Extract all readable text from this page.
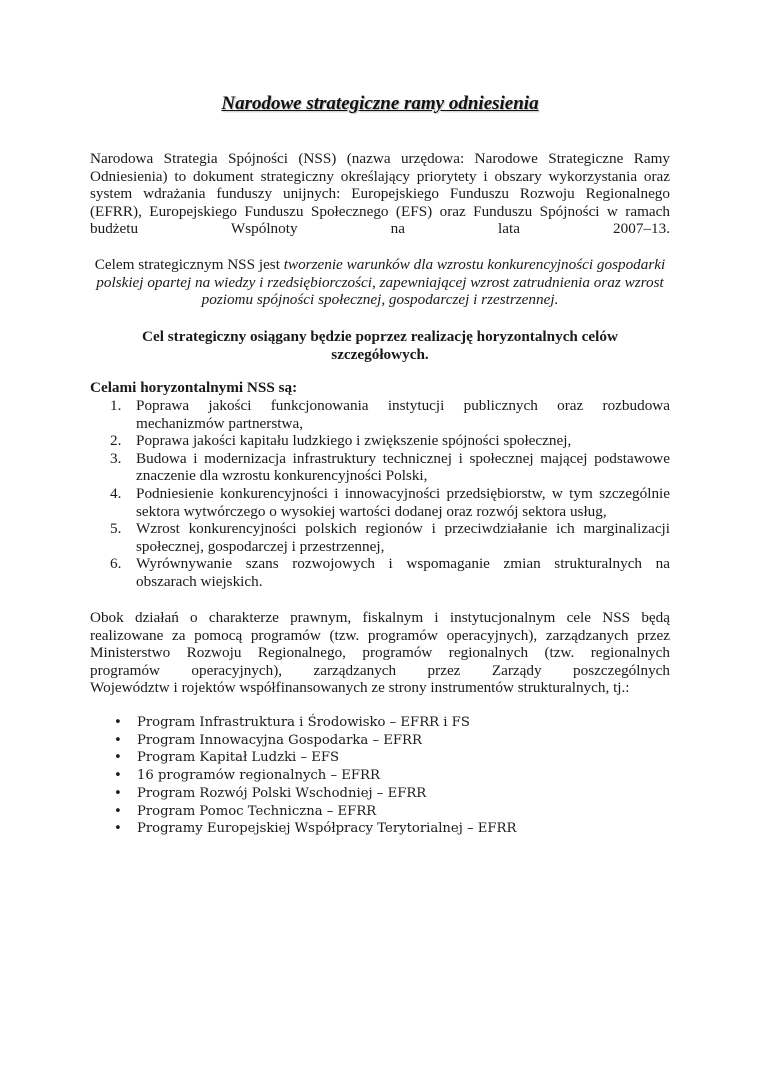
Narodowe strategiczne ramy odniesienia
Narodowa Strategia Spójności (NSS) (nazwa urzędowa: Narodowe Strategiczne Ramy
Odniesienia) to dokument strategiczny określający priorytety i obszary wykorzystania oraz
system wdrażania funduszy unijnych: Europejskiego Funduszu Rozwoju Regionalnego
(EFRR), Europejskiego Funduszu Społecznego (EFS) oraz Funduszu Spójności w ramach
budżetu Wspólnoty na lata 2007–13.
Celem strategicznym NSS jest tworzenie warunków dla wzrostu konkurencyjności gospodarki polskiej opartej na wiedzy i rzedsiębiorczości, zapewniającej wzrost zatrudnienia oraz wzrost poziomu spójności społecznej, gospodarczej i rzestrzennej.
Cel strategiczny osiągany będzie poprzez realizację horyzontalnych celów szczegółowych.
Celami horyzontalnymi NSS są:
1. Poprawa jakości funkcjonowania instytucji publicznych oraz rozbudowa
mechanizmów partnerstwa,
2. Poprawa jakości kapitału ludzkiego i zwiększenie spójności społecznej,
3. Budowa i modernizacja infrastruktury technicznej i społecznej mającej podstawowe
znaczenie dla wzrostu konkurencyjności Polski,
4. Podniesienie konkurencyjności i innowacyjności przedsiębiorstw, w tym szczególnie
sektora wytwórczego o wysokiej wartości dodanej oraz rozwój sektora usług,
5. Wzrost konkurencyjności polskich regionów i przeciwdziałanie ich marginalizacji
społecznej, gospodarczej i przestrzennej,
6. Wyrównywanie szans rozwojowych i wspomaganie zmian strukturalnych na
obszarach wiejskich.
Obok działań o charakterze prawnym, fiskalnym i instytucjonalnym cele NSS będą
realizowane za pomocą programów (tzw. programów operacyjnych), zarządzanych przez
Ministerstwo Rozwoju Regionalnego, programów regionalnych (tzw. regionalnych
programów operacyjnych), zarządzanych przez Zarządy poszczególnych
Województw i rojektów współfinansowanych ze strony instrumentów strukturalnych, tj.:
• Program Infrastruktura i Środowisko – EFRR i FS
• Program Innowacyjna Gospodarka – EFRR
• Program Kapitał Ludzki – EFS
• 16 programów regionalnych – EFRR
• Program Rozwój Polski Wschodniej – EFRR
• Program Pomoc Techniczna – EFRR
• Programy Europejskiej Współpracy Terytorialnej – EFRR
